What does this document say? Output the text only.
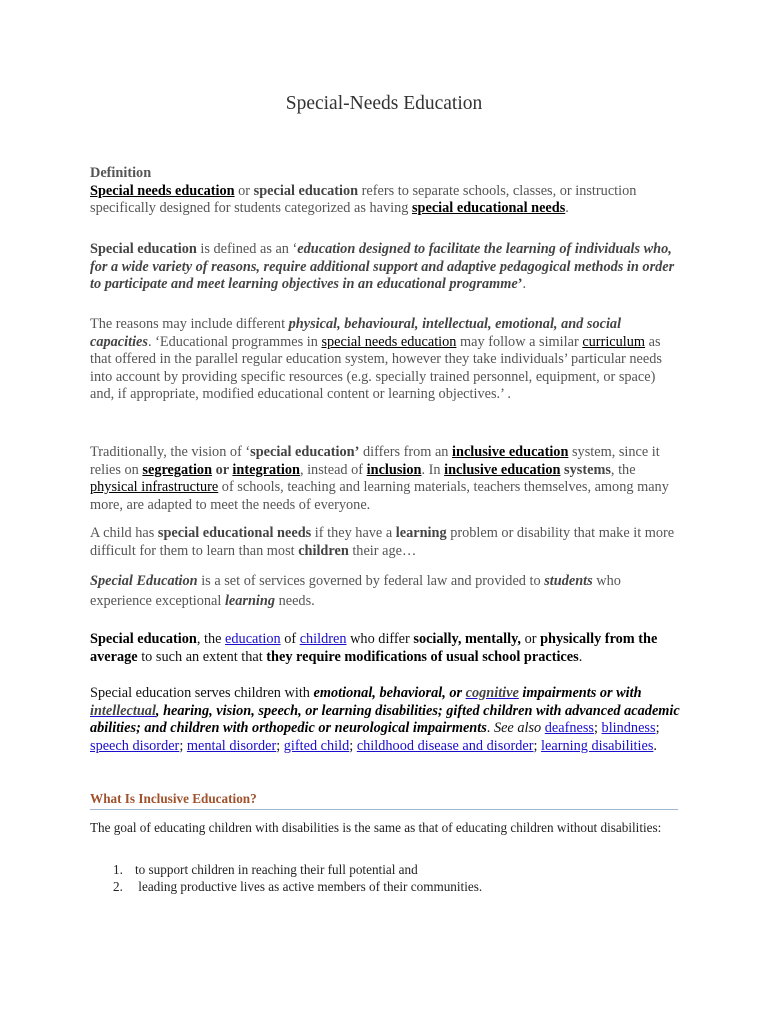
Special-Needs Education

Definition
Special needs education or special education refers to separate schools, classes, or instruction specifically designed for students categorized as having special educational needs.

Special education is defined as an ‘education designed to facilitate the learning of individuals who, for a wide variety of reasons, require additional support and adaptive pedagogical methods in order to participate and meet learning objectives in an educational programme’.

The reasons may include different physical, behavioural, intellectual, emotional, and social capacities. ‘Educational programmes in special needs education may follow a similar curriculum as that offered in the parallel regular education system, however they take individuals’ particular needs into account by providing specific resources (e.g. specially trained personnel, equipment, or space) and, if appropriate, modified educational content or learning objectives.’ .

Traditionally, the vision of ‘special education’ differs from an inclusive education system, since it relies on segregation or integration, instead of inclusion. In inclusive education systems, the physical infrastructure of schools, teaching and learning materials, teachers themselves, among many more, are adapted to meet the needs of everyone.

A child has special educational needs if they have a learning problem or disability that make it more difficult for them to learn than most children their age…

Special Education is a set of services governed by federal law and provided to students who experience exceptional learning needs.

Special education, the education of children who differ socially, mentally, or physically from the average to such an extent that they require modifications of usual school practices.

Special education serves children with emotional, behavioral, or cognitive impairments or with intellectual, hearing, vision, speech, or learning disabilities; gifted children with advanced academic abilities; and children with orthopedic or neurological impairments. See also deafness; blindness; speech disorder; mental disorder; gifted child; childhood disease and disorder; learning disabilities.

What Is Inclusive Education?

The goal of educating children with disabilities is the same as that of educating children without disabilities:

1. to support children in reaching their full potential and
2. leading productive lives as active members of their communities.
